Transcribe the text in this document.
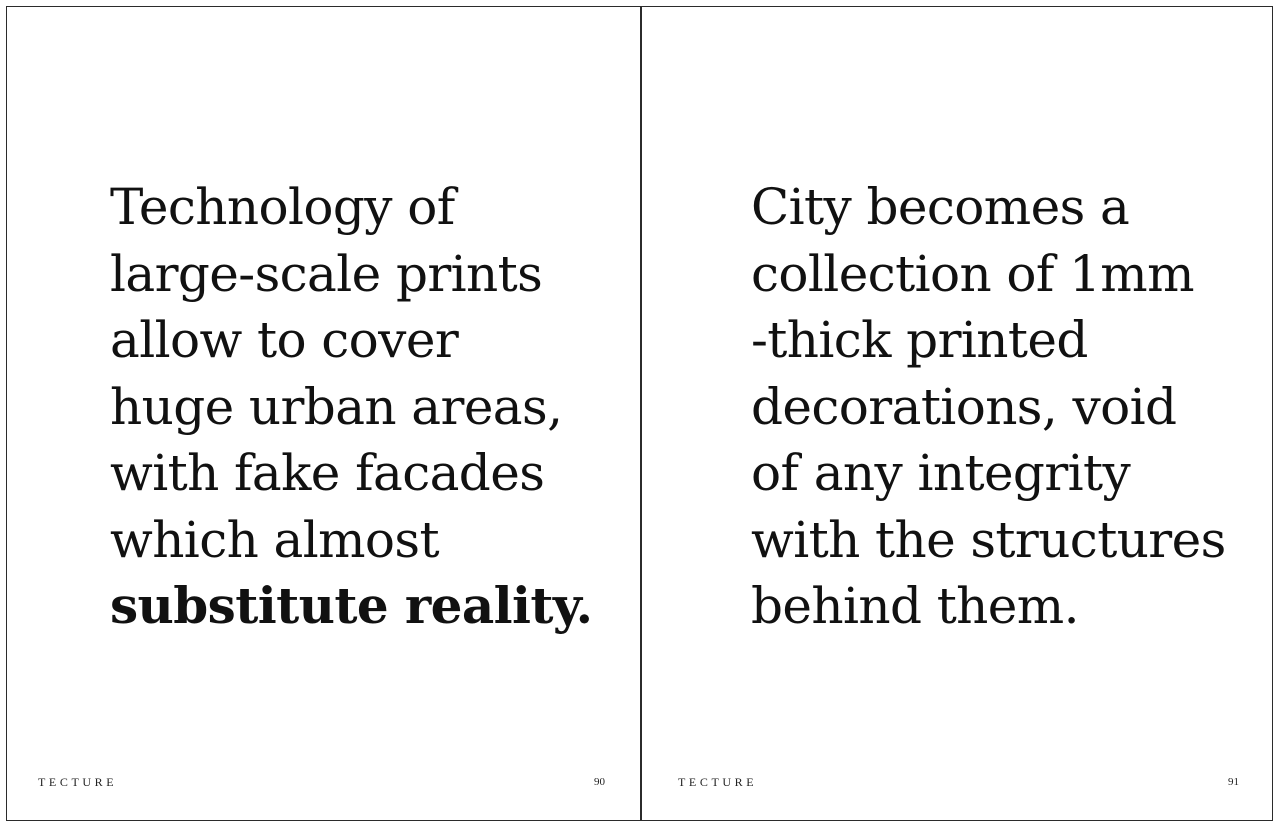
Technology of
large-scale prints
allow to cover
huge urban areas,
with fake facades
which almost
substitute reality.

TECTURE	90

City becomes a
collection of 1mm
-thick printed
decorations, void
of any integrity
with the structures
behind them.

TECTURE	91
